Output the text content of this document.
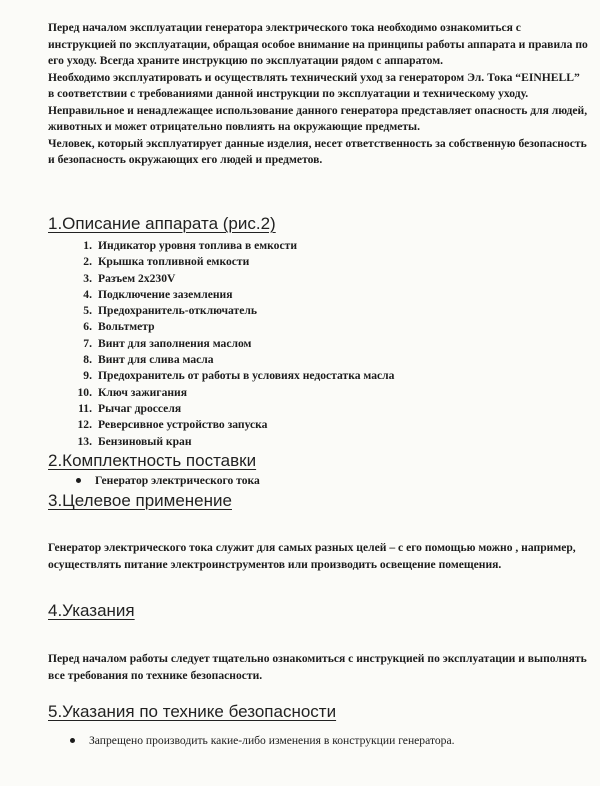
Перед началом эксплуатации генератора электрического тока необходимо ознакомиться с инструкцией по эксплуатации, обращая особое внимание на принципы работы аппарата и правила по его уходу. Всегда храните инструкцию по эксплуатации рядом с аппаратом.

Необходимо эксплуатировать и осуществлять технический уход за генератором Эл. Тока “EINHELL” в соответствии с требованиями данной инструкции по эксплуатации и техническому уходу. Неправильное и ненадлежащее использование данного генератора представляет опасность для людей, животных и может отрицательно повлиять на окружающие предметы.

Человек, который эксплуатирует данные изделия, несет ответственность за собственную безопасность и безопасность окружающих его людей и предметов.

1.Описание аппарата (рис.2)
1. Индикатор уровня топлива в емкости
2. Крышка топливной емкости
3. Разъем 2х230V
4. Подключение заземления
5. Предохранитель-отключатель
6. Вольтметр
7. Винт для заполнения маслом
8. Винт для слива масла
9. Предохранитель от работы в условиях недостатка масла
10. Ключ зажигания
11. Рычаг дросселя
12. Реверсивное устройство запуска
13. Бензиновый кран
2.Комплектность поставки
Генератор электрического тока
3.Целевое применение

Генератор электрического тока служит для самых разных целей – с его помощью можно , например, осуществлять питание электроинструментов или производить освещение помещения.

4.Указания

Перед началом работы следует тщательно ознакомиться с инструкцией по эксплуатации и выполнять все требования по технике безопасности.

5.Указания по технике безопасности
Запрещено производить какие-либо изменения в конструкции генератора.
